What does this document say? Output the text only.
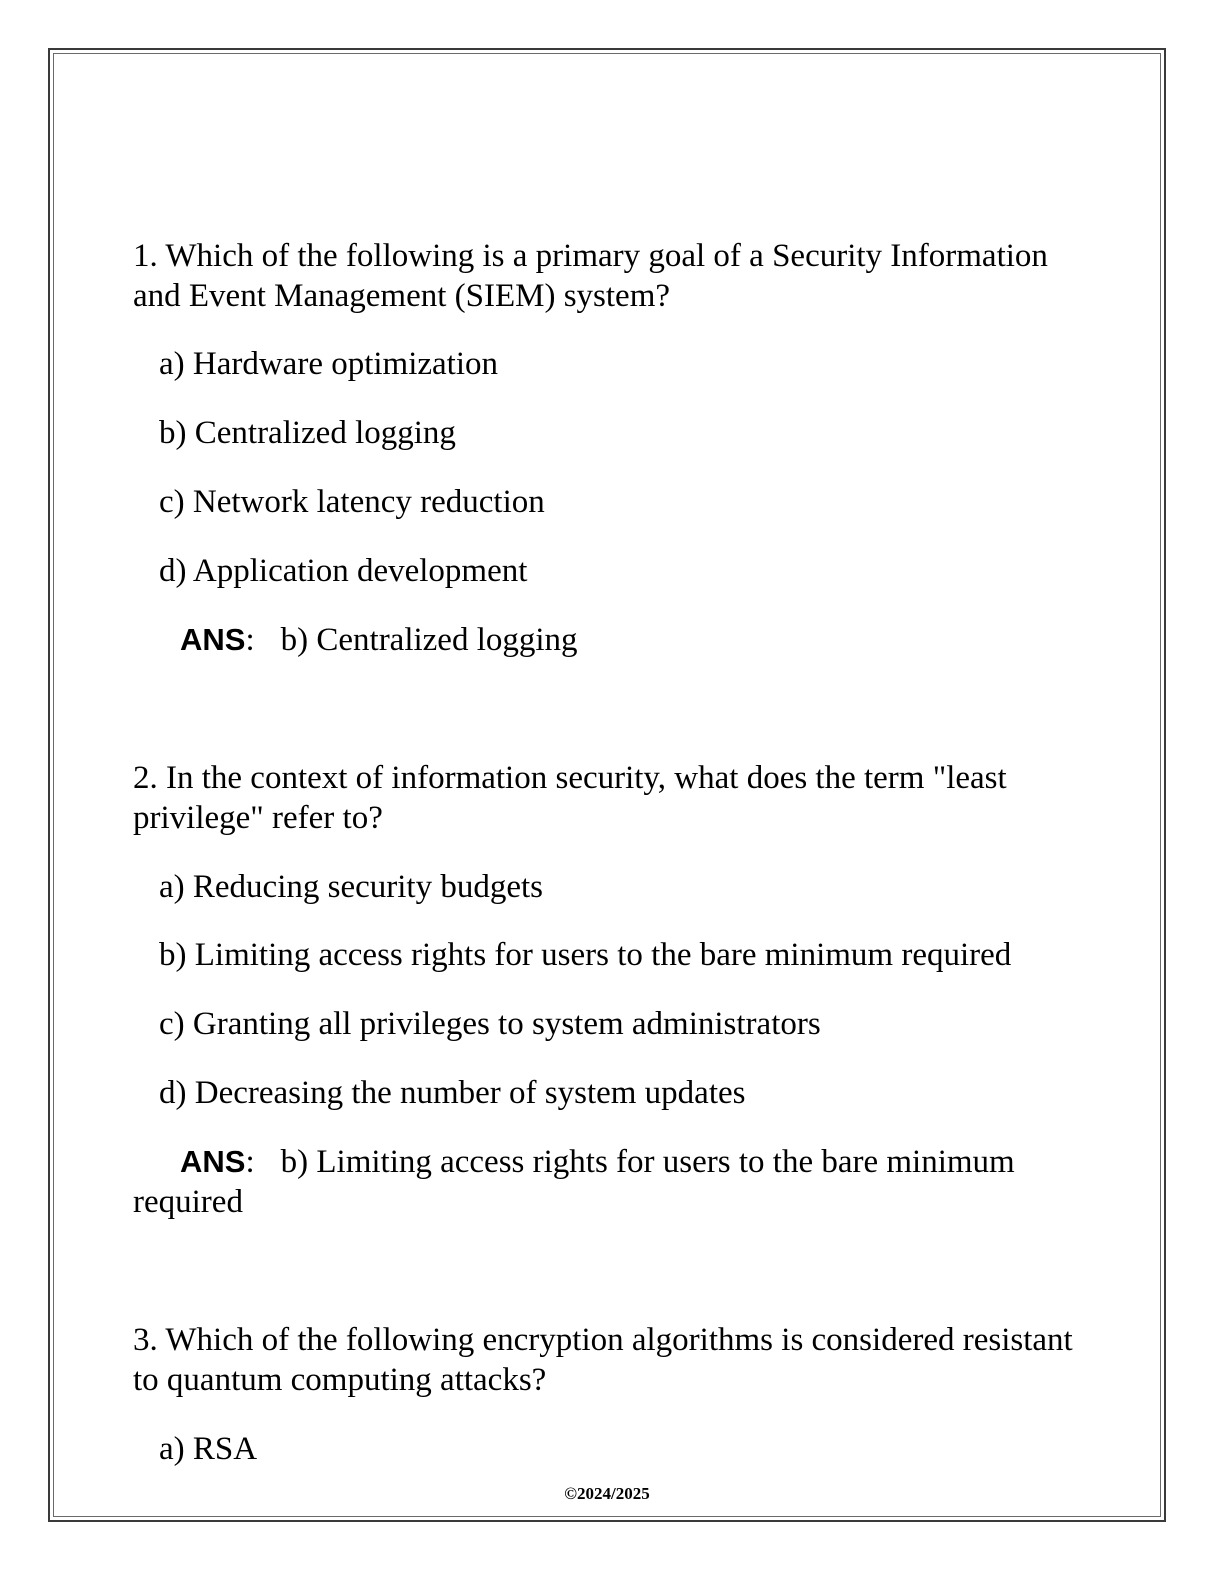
1. Which of the following is a primary goal of a Security Information and Event Management (SIEM) system?
a) Hardware optimization
b) Centralized logging
c) Network latency reduction
d) Application development
ANS: b) Centralized logging
2. In the context of information security, what does the term "least privilege" refer to?
a) Reducing security budgets
b) Limiting access rights for users to the bare minimum required
c) Granting all privileges to system administrators
d) Decreasing the number of system updates
ANS: b) Limiting access rights for users to the bare minimum required
3. Which of the following encryption algorithms is considered resistant to quantum computing attacks?
a) RSA
©2024/2025
